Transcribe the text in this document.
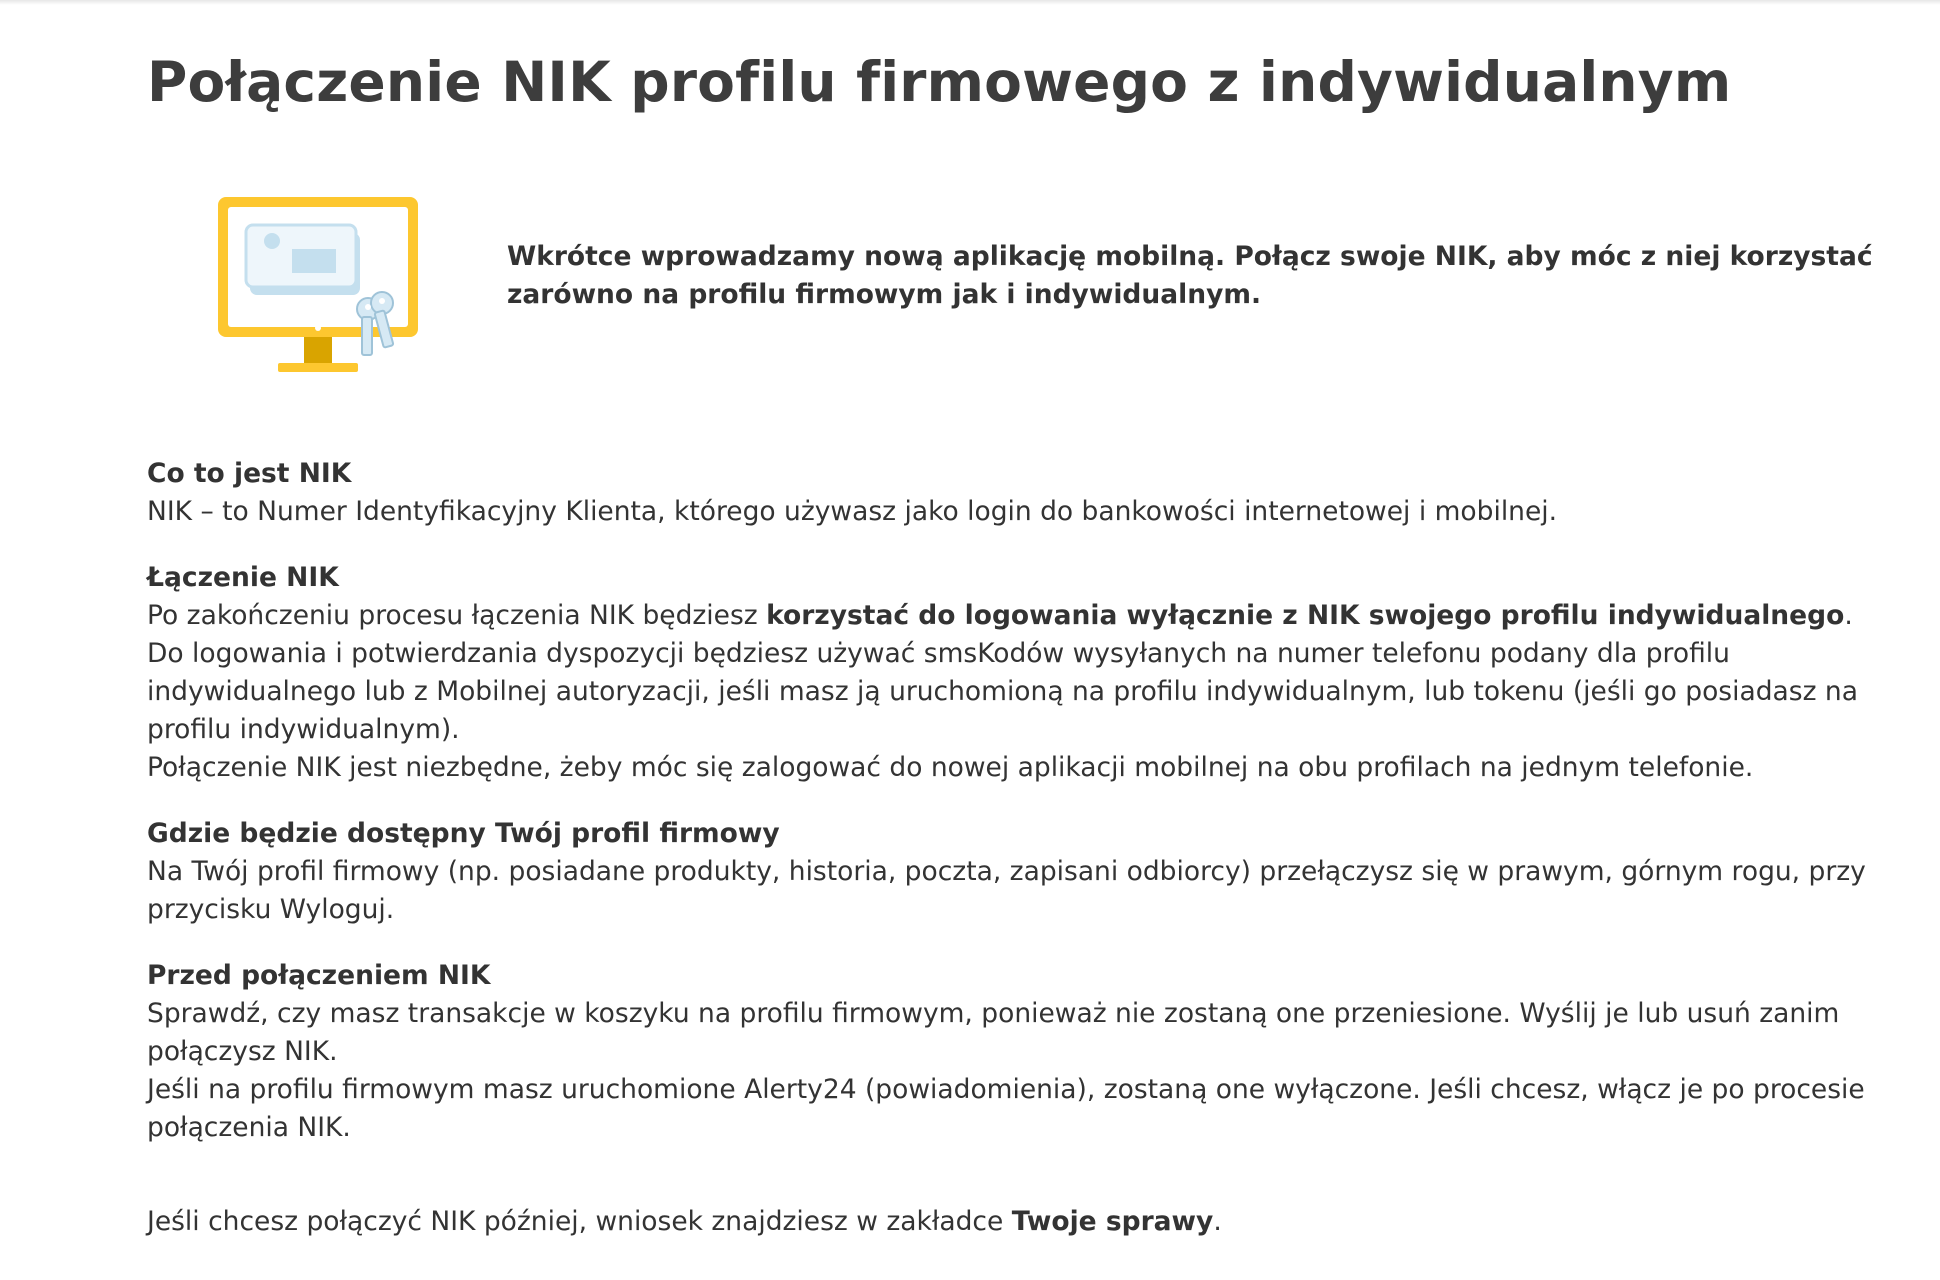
Połączenie NIK profilu firmowego z indywidualnym

Wkrótce wprowadzamy nową aplikację mobilną. Połącz swoje NIK, aby móc z niej korzystać zarówno na profilu firmowym jak i indywidualnym.

Co to jest NIK
NIK – to Numer Identyfikacyjny Klienta, którego używasz jako login do bankowości internetowej i mobilnej.
Łączenie NIK
Po zakończeniu procesu łączenia NIK będziesz korzystać do logowania wyłącznie z NIK swojego profilu indywidualnego.
Do logowania i potwierdzania dyspozycji będziesz używać smsKodów wysyłanych na numer telefonu podany dla profilu indywidualnego lub z Mobilnej autoryzacji, jeśli masz ją uruchomioną na profilu indywidualnym, lub tokenu (jeśli go posiadasz na profilu indywidualnym).
Połączenie NIK jest niezbędne, żeby móc się zalogować do nowej aplikacji mobilnej na obu profilach na jednym telefonie.
Gdzie będzie dostępny Twój profil firmowy
Na Twój profil firmowy (np. posiadane produkty, historia, poczta, zapisani odbiorcy) przełączysz się w prawym, górnym rogu, przy przycisku Wyloguj.
Przed połączeniem NIK
Sprawdź, czy masz transakcje w koszyku na profilu firmowym, ponieważ nie zostaną one przeniesione. Wyślij je lub usuń zanim połączysz NIK.
Jeśli na profilu firmowym masz uruchomione Alerty24 (powiadomienia), zostaną one wyłączone. Jeśli chcesz, włącz je po procesie połączenia NIK.
Jeśli chcesz połączyć NIK później, wniosek znajdziesz w zakładce Twoje sprawy.
